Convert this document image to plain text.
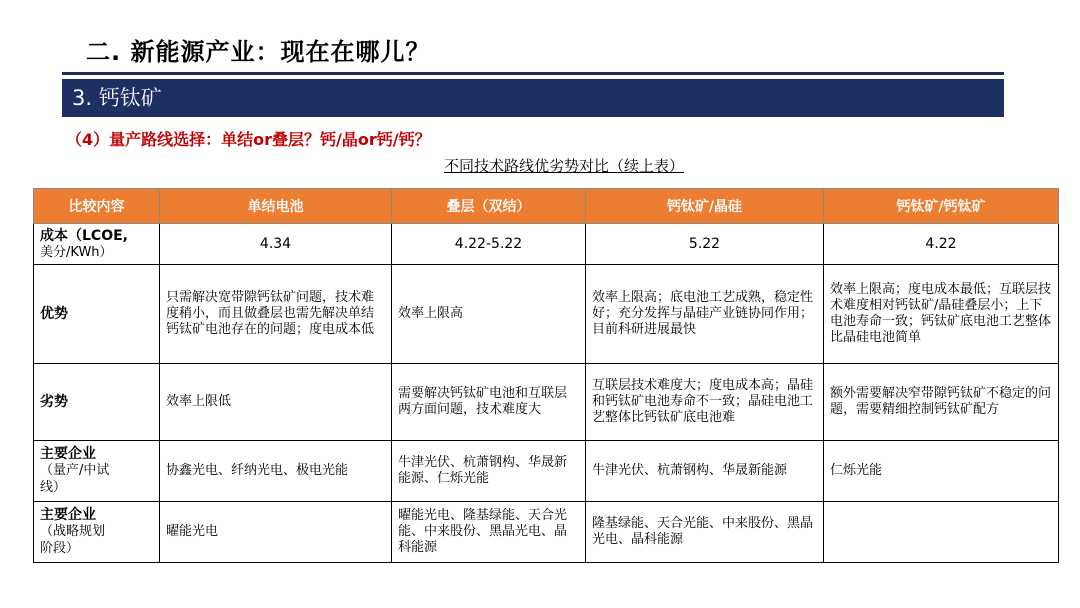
二. 新能源产业：现在在哪儿？
3. 钙钛矿
（4）量产路线选择：单结or叠层？钙/晶or钙/钙？
不同技术路线优劣势对比（续上表）
比较内容	单结电池	叠层（双结）	钙钛矿/晶硅	钙钛矿/钙钛矿
成本（LCOE,
美分/KWh）	4.34	4.22-5.22	5.22	4.22
优势	只需解决宽带隙钙钛矿问题，技术难度稍小，而且做叠层也需先解决单结钙钛矿电池存在的问题；度电成本低	效率上限高	效率上限高；底电池工艺成熟，稳定性好；充分发挥与晶硅产业链协同作用；目前科研进展最快	效率上限高；度电成本最低；互联层技术难度相对钙钛矿/晶硅叠层小；上下电池寿命一致；钙钛矿底电池工艺整体比晶硅电池简单
劣势	效率上限低	需要解决钙钛矿电池和互联层两方面问题，技术难度大	互联层技术难度大；度电成本高；晶硅和钙钛矿电池寿命不一致；晶硅电池工艺整体比钙钛矿底电池难	额外需要解决窄带隙钙钛矿不稳定的问题，需要精细控制钙钛矿配方
主要企业
（量产/中试
线）	协鑫光电、纤纳光电、极电光能	牛津光伏、杭萧钢构、华晟新能源、仁烁光能	牛津光伏、杭萧钢构、华晟新能源	仁烁光能
主要企业
（战略规划
阶段）	曜能光电	曜能光电、隆基绿能、天合光能、中来股份、黑晶光电、晶科能源	隆基绿能、天合光能、中来股份、黑晶光电、晶科能源	
